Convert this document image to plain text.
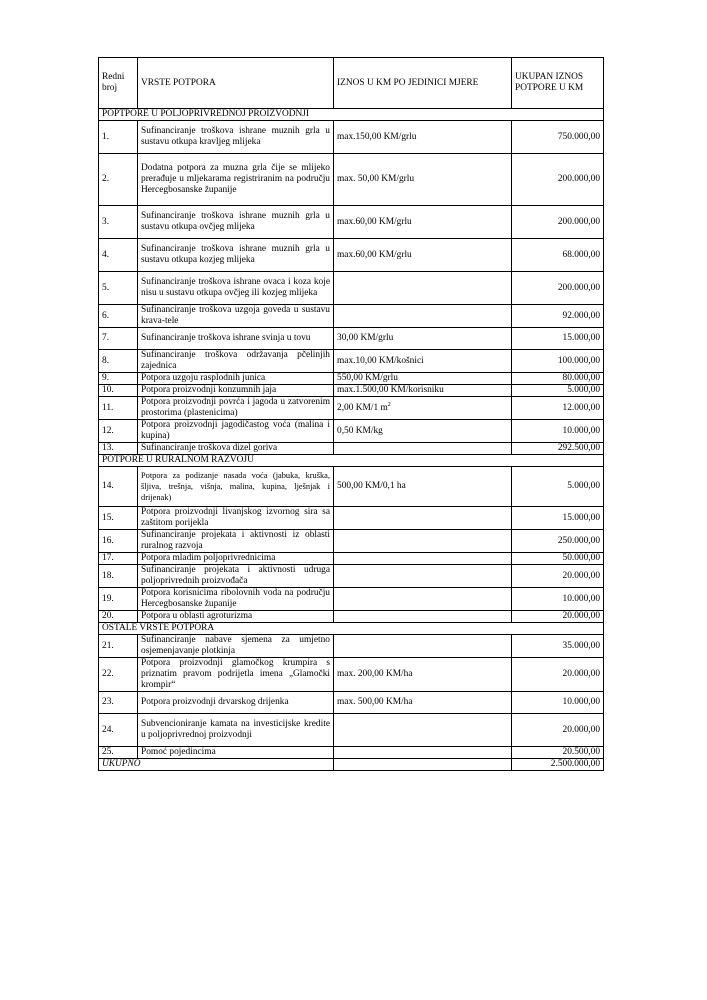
Redni broj	VRSTE POTPORA	IZNOS U KM PO JEDINICI MJERE	UKUPAN IZNOS POTPORE U KM
POPTPORE U POLJOPRIVREDNOJ PROIZVODNJI			
1.	Sufinanciranje troškova ishrane muznih grla u sustavu otkupa kravljeg mlijeka	max.150,00 KM/grlu	750.000,00
2.	Dodatna potpora za muzna grla čije se mlijeko prerađuje u mljekarama registriranim na području Hercegbosanske županije	max. 50,00 KM/grlu	200.000,00
3.	Sufinanciranje troškova ishrane muznih grla u sustavu otkupa ovčjeg mlijeka	max.60,00 KM/grlu	200.000,00
4.	Sufinanciranje troškova ishrane muznih grla u sustavu otkupa kozjeg mlijeka	max.60,00 KM/grlu	68.000,00
5.	Sufinanciranje troškova ishrane ovaca i koza koje nisu u sustavu otkupa ovčjeg ili kozjeg mlijeka		200.000,00
6.	Sufinanciranje troškova uzgoja goveda u sustavu krava-tele		92.000,00
7.	Sufinanciranje troškova ishrane svinja u tovu	30,00 KM/grlu	15.000,00
8.	Sufinanciranje troškova održavanja pčelinjih zajednica	max.10,00 KM/košnici	100.000,00
9.	Potpora uzgoju rasplodnih junica	550,00 KM/grlu	80.000,00
10.	Potpora proizvodnji konzumnih jaja	max.1.500,00 KM/korisniku	5.000,00
11.	Potpora proizvodnji povrća i jagoda u zatvorenim prostorima (plastenicima)	2,00 KM/1 $m^2$	12.000,00
12.	Potpora proizvodnji jagodičastog voća (malina i kupina)	0,50 KM/kg	10.000,00
13.	Sufinanciranje troškova dizel goriva		292.500,00
POTPORE U RURALNOM RAZVOJU			
14.	Potpora za podizanje nasada voća (jabuka, kruška, šljiva, trešnja, višnja, malina, kupina, lješnjak i drijenak)	500,00 KM/0,1 ha	5.000,00
15.	Potpora proizvodnji livanjskog izvornog sira sa zaštitom porijekla		15.000,00
16.	Sufinanciranje projekata i aktivnosti iz oblasti ruralnog razvoja		250.000,00
17.	Potpora mladim poljoprivrednicima		50.000,00
18.	Sufinanciranje projekata i aktivnosti udruga poljoprivrednih proizvođača		20.000,00
19.	Potpora korisnicima ribolovnih voda na području Hercegbosanske županije		10.000,00
20.	Potpora u oblasti agroturizma		20.000,00
OSTALE VRSTE POTPORA			
21.	Sufinanciranje nabave sjemena za umjetno osjemenjavanje plotkinja		35.000,00
22.	Potpora proizvodnji glamočkog krumpira s priznatim pravom podrijetla imena „Glamočki krompir“	max. 200,00 KM/ha	20.000,00
23.	Potpora proizvodnji drvarskog drijenka	max. 500,00 KM/ha	10.000,00
24.	Subvencioniranje kamata na investicijske kredite u poljoprivrednoj proizvodnji		20.000,00
25.	Pomoć pojedincima		20.500,00
UKUPNO			2.500.000,00
